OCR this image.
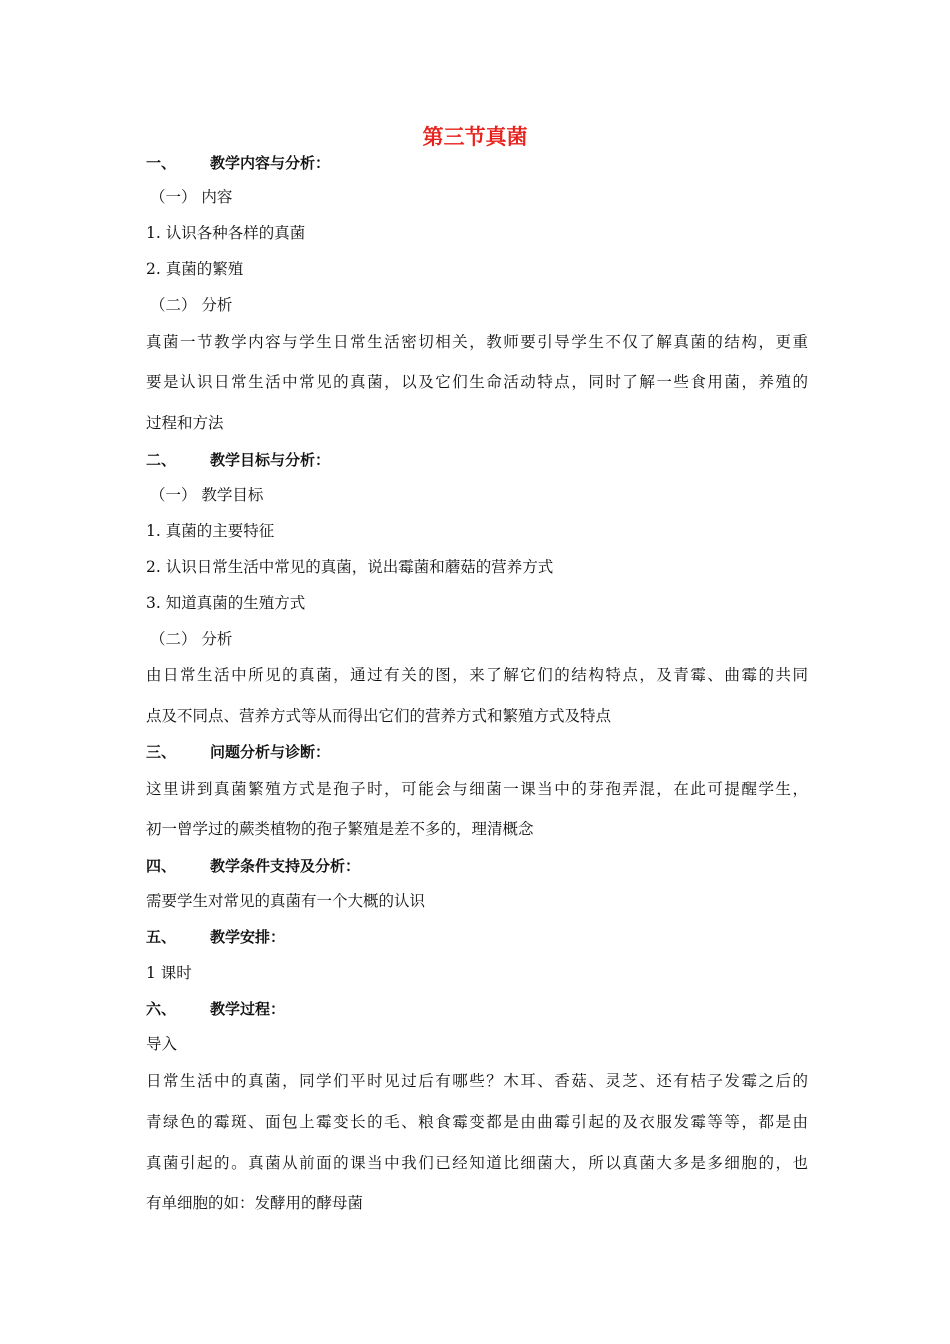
第三节真菌
一、 教学内容与分析：
（一） 内容
1. 认识各种各样的真菌
2. 真菌的繁殖
（二） 分析
真菌一节教学内容与学生日常生活密切相关，教师要引导学生不仅了解真菌的结构，更重
要是认识日常生活中常见的真菌，以及它们生命活动特点，同时了解一些食用菌，养殖的
过程和方法
二、 教学目标与分析：
（一） 教学目标
1. 真菌的主要特征
2. 认识日常生活中常见的真菌，说出霉菌和蘑菇的营养方式
3. 知道真菌的生殖方式
（二） 分析
由日常生活中所见的真菌，通过有关的图，来了解它们的结构特点，及青霉、曲霉的共同
点及不同点、营养方式等从而得出它们的营养方式和繁殖方式及特点
三、 问题分析与诊断：
这里讲到真菌繁殖方式是孢子时，可能会与细菌一课当中的芽孢弄混，在此可提醒学生，
初一曾学过的蕨类植物的孢子繁殖是差不多的，理清概念
四、 教学条件支持及分析：
需要学生对常见的真菌有一个大概的认识
五、 教学安排：
1 课时
六、 教学过程：
导入
日常生活中的真菌，同学们平时见过后有哪些？木耳、香菇、灵芝、还有桔子发霉之后的
青绿色的霉斑、面包上霉变长的毛、粮食霉变都是由曲霉引起的及衣服发霉等等，都是由
真菌引起的。真菌从前面的课当中我们已经知道比细菌大，所以真菌大多是多细胞的，也
有单细胞的如：发酵用的酵母菌
